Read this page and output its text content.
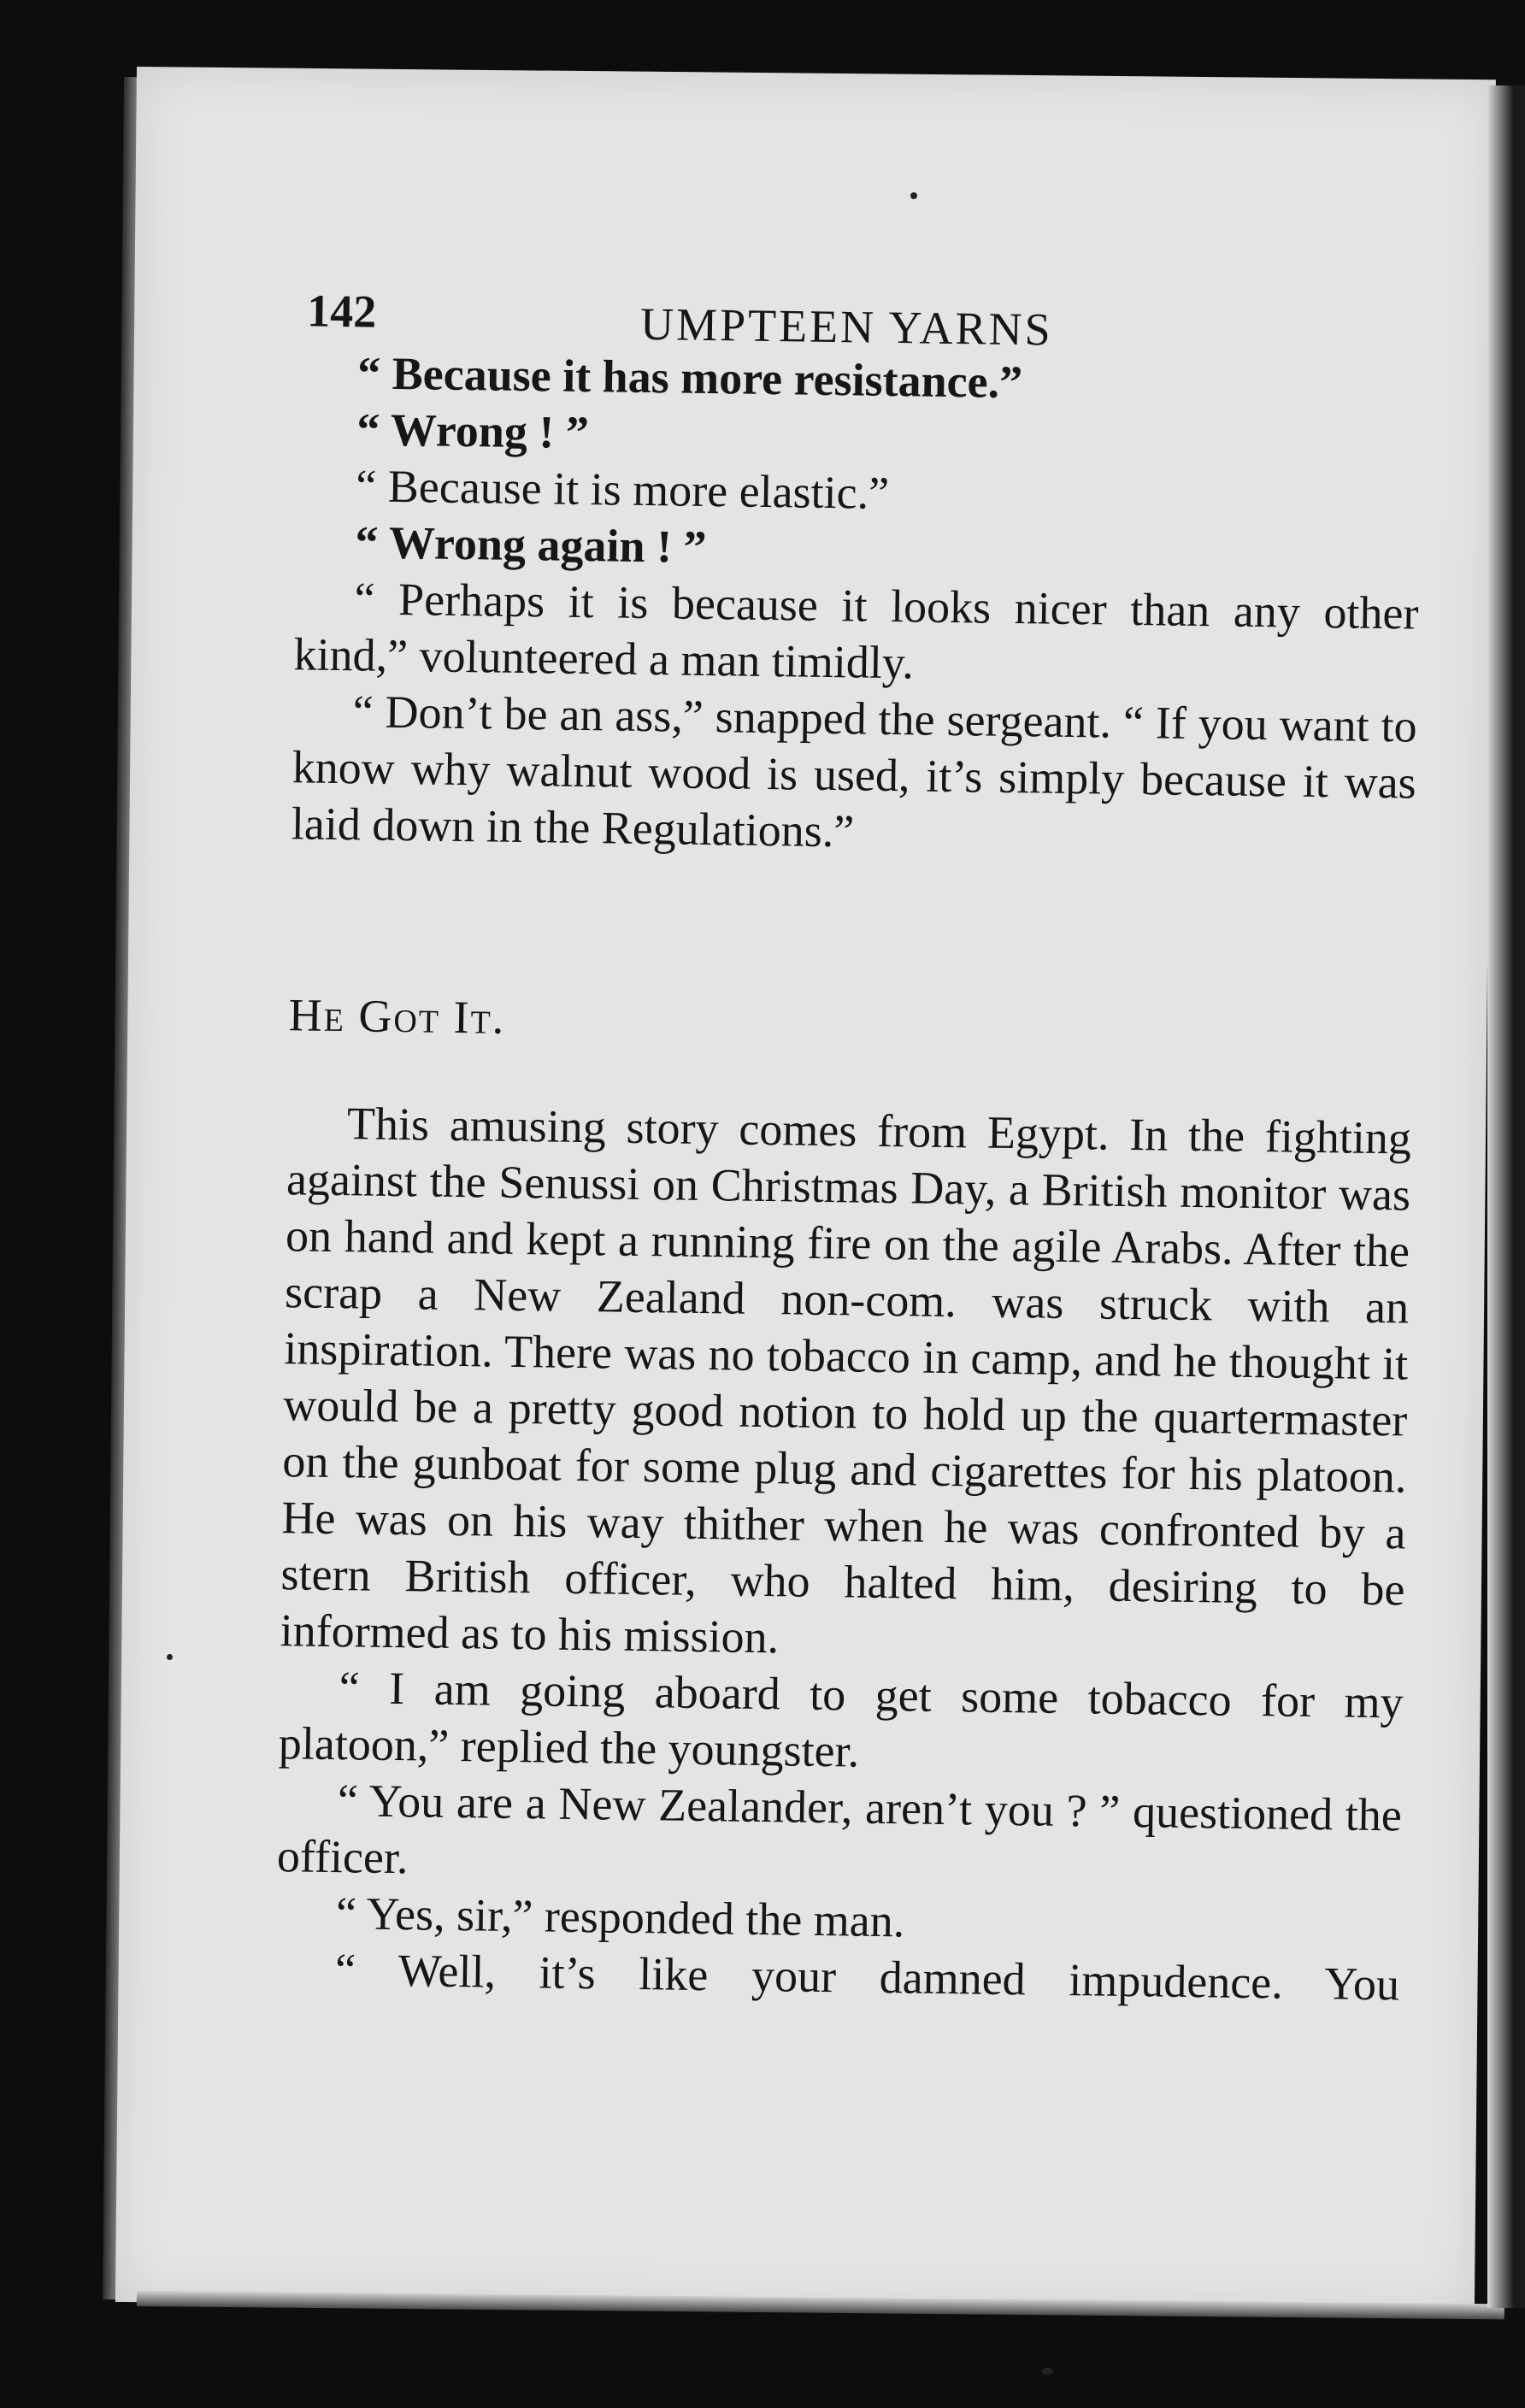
142	UMPTEEN YARNS

“ Because it has more resistance.”

“ Wrong ! ”

“ Because it is more elastic.”

“ Wrong again ! ”

“ Perhaps it is because it looks nicer than any other kind,” volunteered a man timidly.

“ Don’t be an ass,” snapped the sergeant. “ If you want to know why walnut wood is used, it’s simply because it was laid down in the Regulations.”

He Got It.

This amusing story comes from Egypt. In the fighting against the Senussi on Christmas Day, a British monitor was on hand and kept a running fire on the agile Arabs. After the scrap a New Zealand non-com. was struck with an inspiration. There was no tobacco in camp, and he thought it would be a pretty good notion to hold up the quartermaster on the gunboat for some plug and cigarettes for his platoon. He was on his way thither when he was confronted by a stern British officer, who halted him, desiring to be informed as to his mission.

“ I am going aboard to get some tobacco for my platoon,” replied the youngster.

“ You are a New Zealander, aren’t you ? ” questioned the officer.

“ Yes, sir,” responded the man.

“ Well, it’s like your damned impudence. You
